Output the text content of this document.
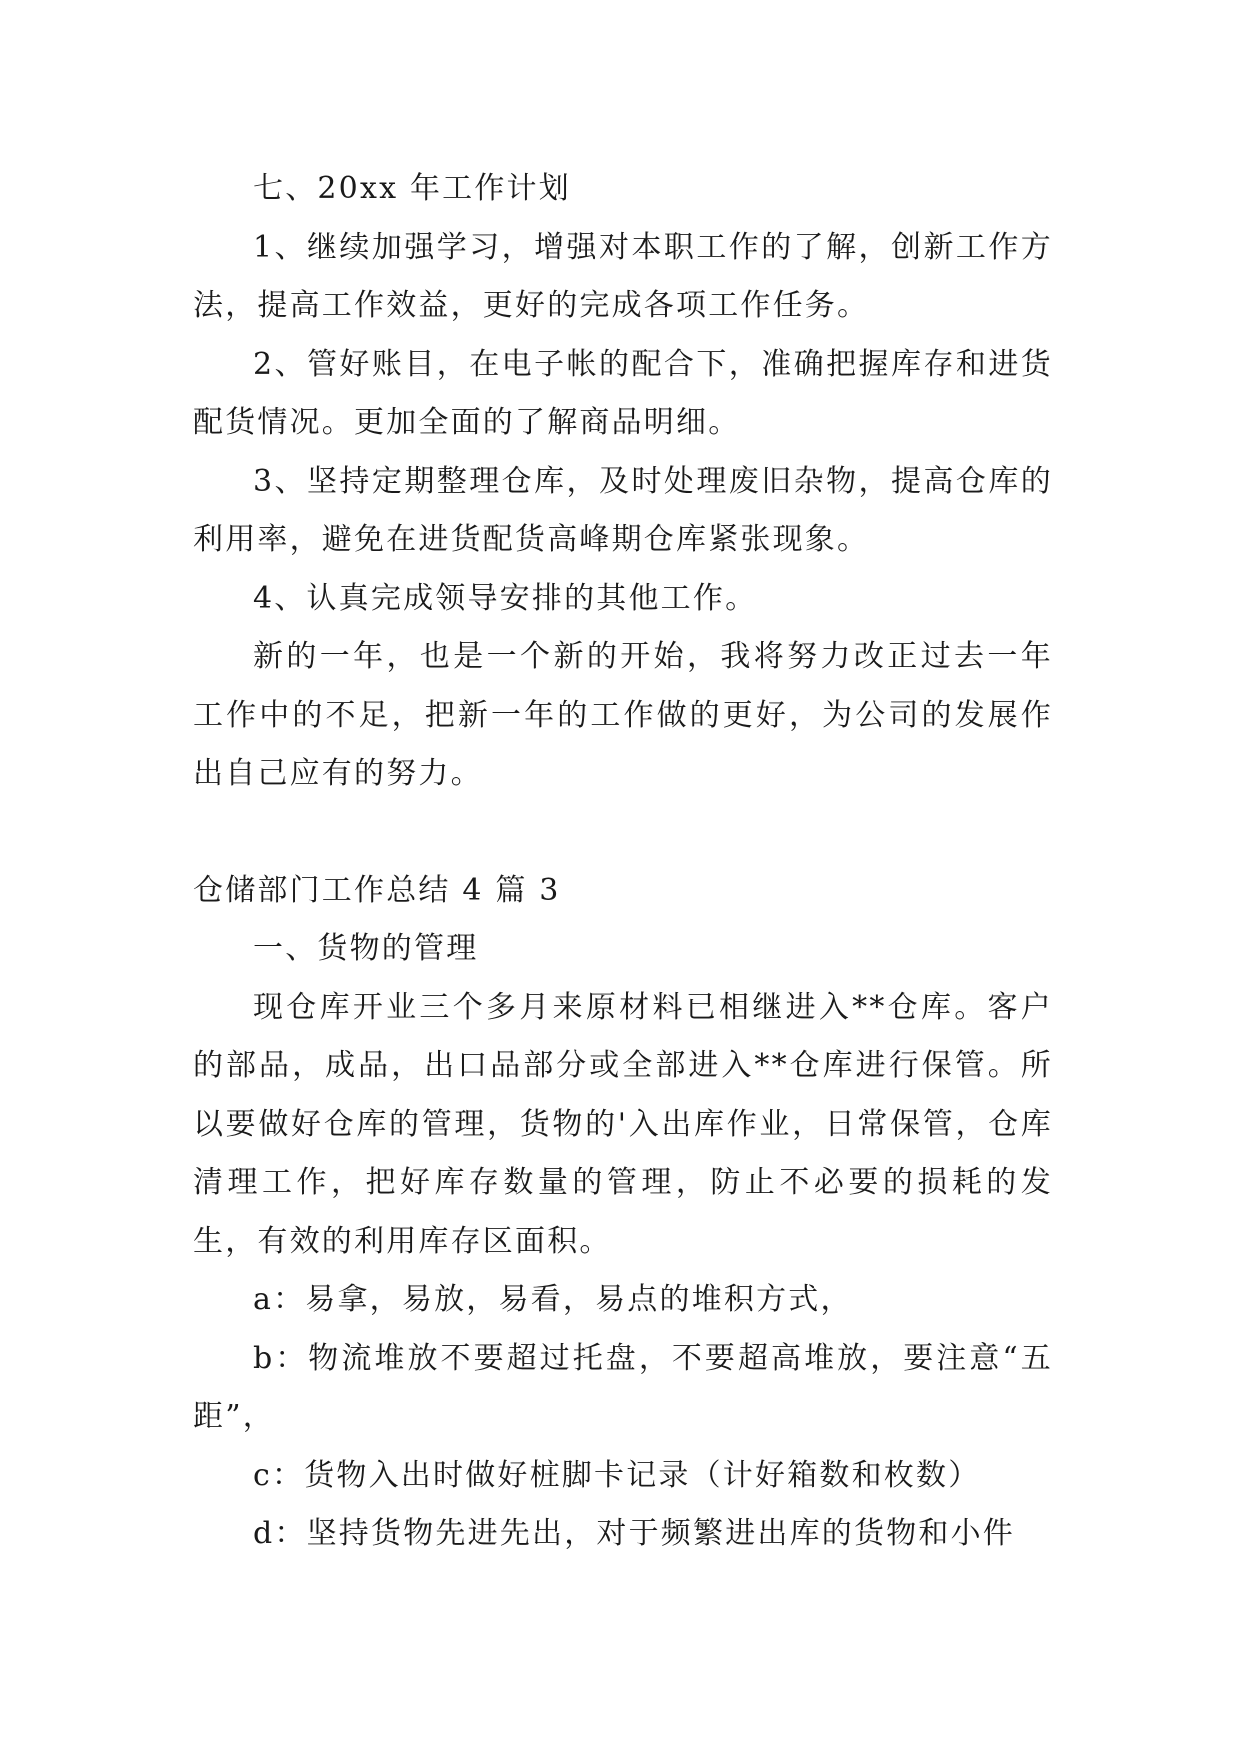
七、20xx 年工作计划

1、继续加强学习，增强对本职工作的了解，创新工作方法，提高工作效益，更好的完成各项工作任务。

2、管好账目，在电子帐的配合下，准确把握库存和进货配货情况。更加全面的了解商品明细。

3、坚持定期整理仓库，及时处理废旧杂物，提高仓库的利用率，避免在进货配货高峰期仓库紧张现象。

4、认真完成领导安排的其他工作。

新的一年，也是一个新的开始，我将努力改正过去一年工作中的不足，把新一年的工作做的更好，为公司的发展作出自己应有的努力。

仓储部门工作总结 4 篇 3

一、货物的管理

现仓库开业三个多月来原材料已相继进入**仓库。客户的部品，成品，出口品部分或全部进入**仓库进行保管。所以要做好仓库的管理，货物的'入出库作业，日常保管，仓库清理工作，把好库存数量的管理，防止不必要的损耗的发生，有效的利用库存区面积。

a：易拿，易放，易看，易点的堆积方式，

b：物流堆放不要超过托盘，不要超高堆放，要注意“五距”，

c：货物入出时做好桩脚卡记录（计好箱数和枚数）

d：坚持货物先进先出，对于频繁进出库的货物和小件
